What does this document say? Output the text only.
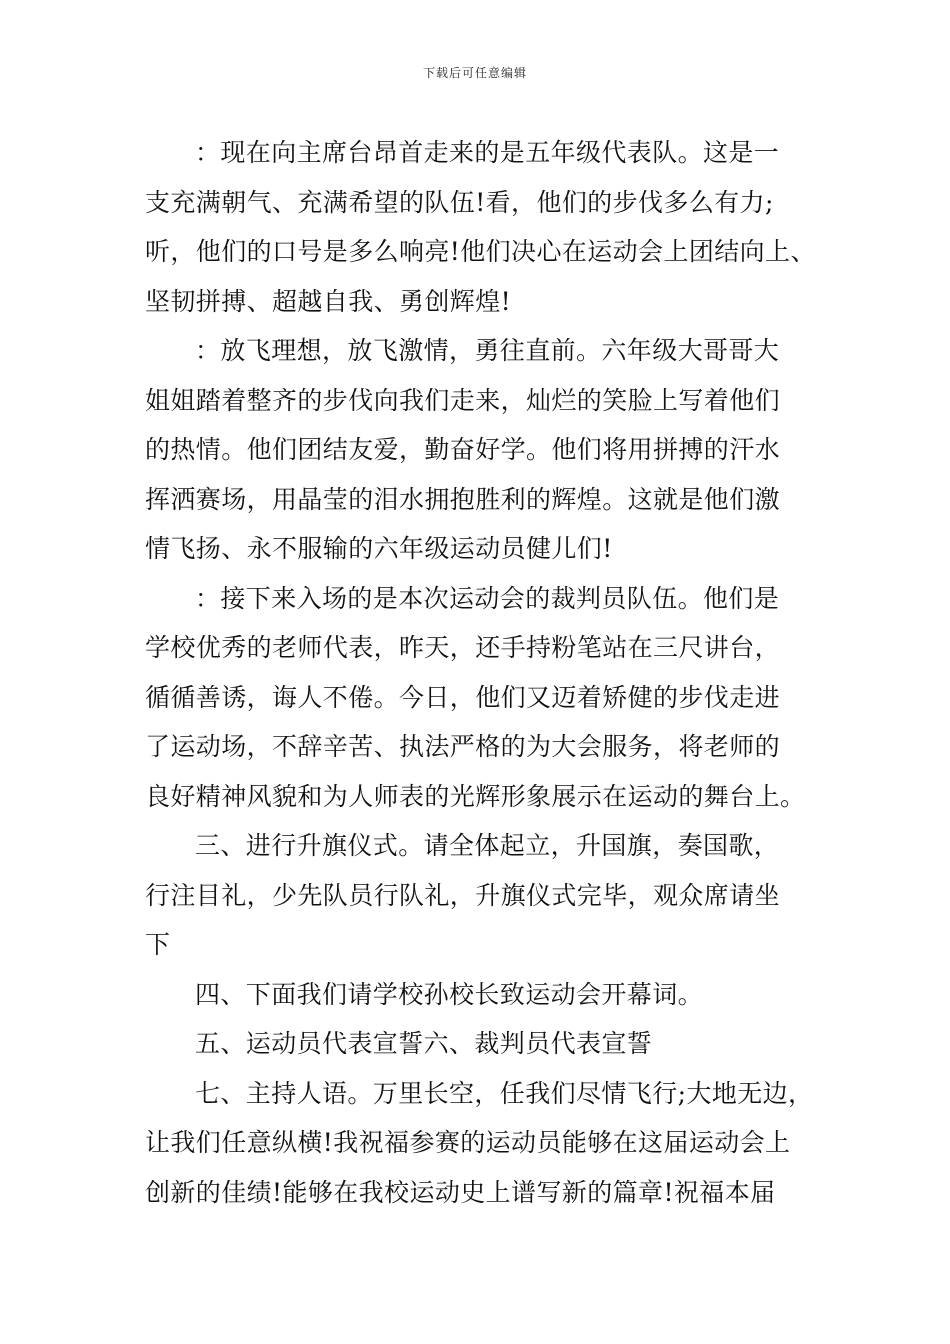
下载后可任意编辑
：现在向主席台昂首走来的是五年级代表队。这是一
支充满朝气、充满希望的队伍!看，他们的步伐多么有力;
听，他们的口号是多么响亮!他们决心在运动会上团结向上、
坚韧拼搏、超越自我、勇创辉煌!
：放飞理想，放飞激情，勇往直前。六年级大哥哥大
姐姐踏着整齐的步伐向我们走来，灿烂的笑脸上写着他们
的热情。他们团结友爱，勤奋好学。他们将用拼搏的汗水
挥洒赛场，用晶莹的泪水拥抱胜利的辉煌。这就是他们激
情飞扬、永不服输的六年级运动员健儿们!
：接下来入场的是本次运动会的裁判员队伍。他们是
学校优秀的老师代表，昨天，还手持粉笔站在三尺讲台，
循循善诱，诲人不倦。今日，他们又迈着矫健的步伐走进
了运动场，不辞辛苦、执法严格的为大会服务，将老师的
良好精神风貌和为人师表的光辉形象展示在运动的舞台上。
三、进行升旗仪式。请全体起立，升国旗，奏国歌，
行注目礼，少先队员行队礼，升旗仪式完毕，观众席请坐
下
四、下面我们请学校孙校长致运动会开幕词。
五、运动员代表宣誓六、裁判员代表宣誓
七、主持人语。万里长空，任我们尽情飞行;大地无边，
让我们任意纵横!我祝福参赛的运动员能够在这届运动会上
创新的佳绩!能够在我校运动史上谱写新的篇章!祝福本届
